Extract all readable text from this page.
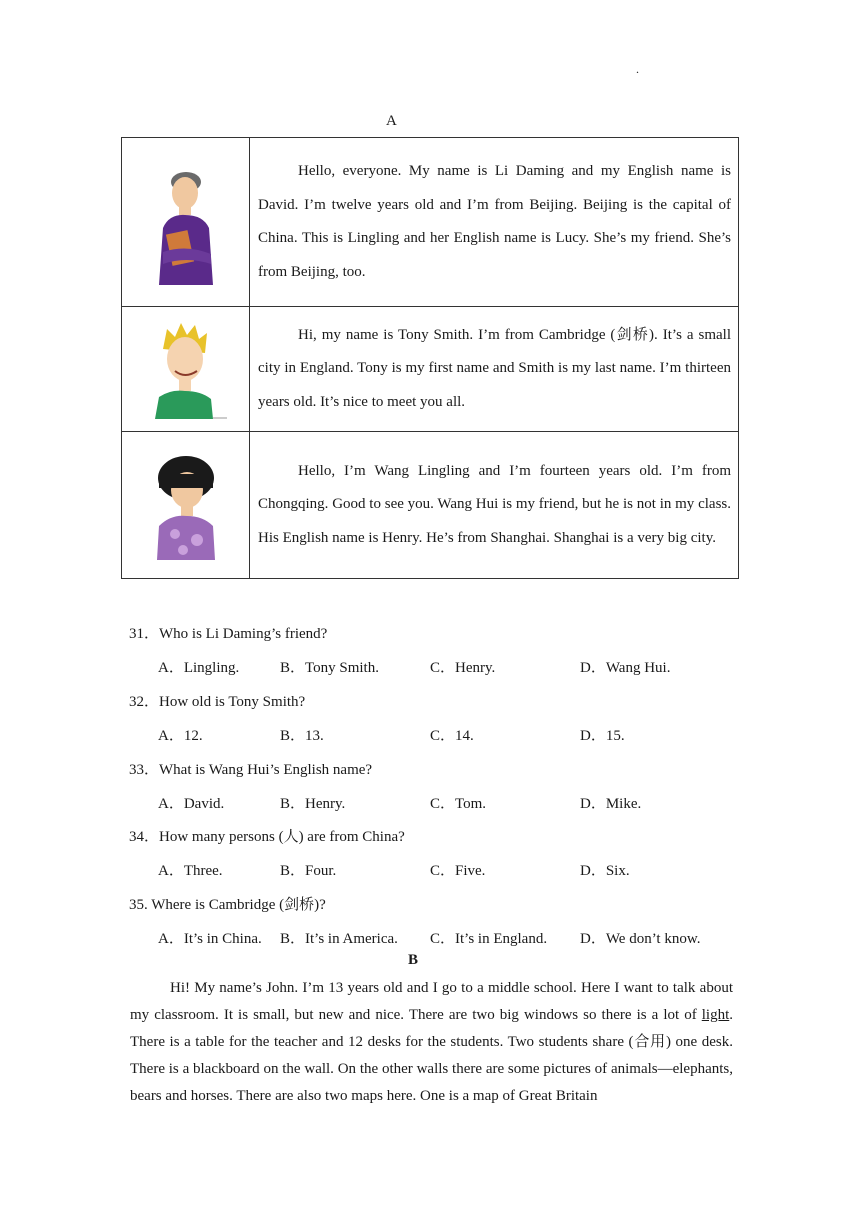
.
A
	Hello, everyone. My name is Li Daming and my English name is David. I’m twelve years old and I’m from Beijing. Beijing is the capital of China. This is Lingling and her English name is Lucy. She’s my friend. She’s from Beijing, too.

	Hi, my name is Tony Smith. I’m from Cambridge (剑桥). It’s a small city in England. Tony is my first name and Smith is my last name. I’m thirteen years old. It’s nice to meet you all.

	Hello, I’m Wang Lingling and I’m fourteen years old. I’m from Chongqing. Good to see you. Wang Hui is my friend, but he is not in my class. His English name is Henry. He’s from Shanghai. Shanghai is a very big city.
31．Who is Li Daming’s friend?
A．Lingling.	B．Tony Smith.	C．Henry.	D．Wang Hui.
32．How old is Tony Smith?
A．12.	B．13.	C．14.	D．15.
33．What is Wang Hui’s English name?
A．David.	B．Henry.	C．Tom.	D．Mike.
34．How many persons (人) are from China?
A．Three.	B．Four.	C．Five.	D．Six.
35. Where is Cambridge (剑桥)?
A．It’s in China. B．It’s in America. C．It’s in England. D．We don’t know.
B
Hi! My name’s John. I’m 13 years old and I go to a middle school. Here I want to talk about my classroom. It is small, but new and nice. There are two big windows so there is a lot of light. There is a table for the teacher and 12 desks for the students. Two students share (合用) one desk. There is a blackboard on the wall. On the other walls there are some pictures of animals—elephants, bears and horses. There are also two maps here. One is a map of Great Britain
